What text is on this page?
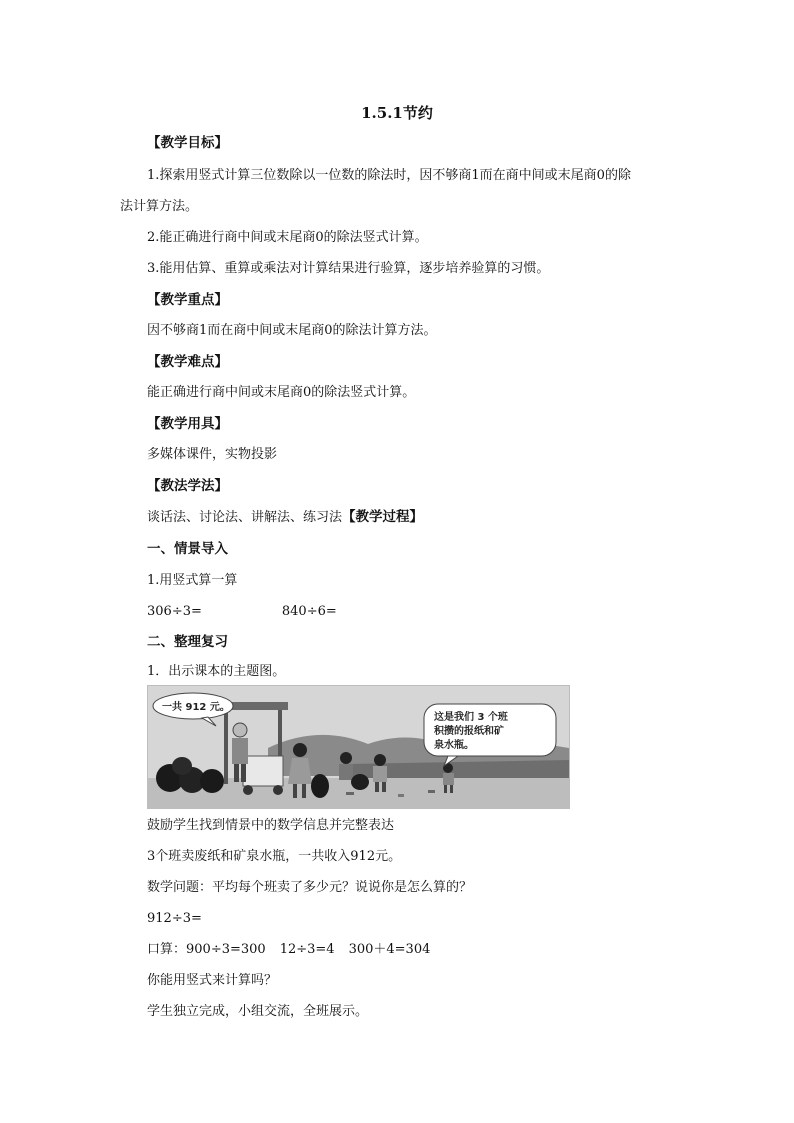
1.5.1节约
【教学目标】
1.探索用竖式计算三位数除以一位数的除法时，因不够商1而在商中间或末尾商0的除
法计算方法。
2.能正确进行商中间或末尾商0的除法竖式计算。
3.能用估算、重算或乘法对计算结果进行验算，逐步培养验算的习惯。
【教学重点】
因不够商1而在商中间或末尾商0的除法计算方法。
【教学难点】
能正确进行商中间或末尾商0的除法竖式计算。
【教学用具】
多媒体课件，实物投影
【教法学法】
谈话法、讨论法、讲解法、练习法【教学过程】
一、情景导入
1.用竖式算一算
306÷3=	840÷6=
二、整理复习
1．出示课本的主题图。
一共 912 元。
这是我们 3 个班
积攒的报纸和矿
泉水瓶。
鼓励学生找到情景中的数学信息并完整表达
3个班卖废纸和矿泉水瓶，一共收入912元。
数学问题：平均每个班卖了多少元？说说你是怎么算的？
912÷3=
口算：900÷3=300 12÷3=4 300＋4=304
你能用竖式来计算吗？
学生独立完成，小组交流，全班展示。
